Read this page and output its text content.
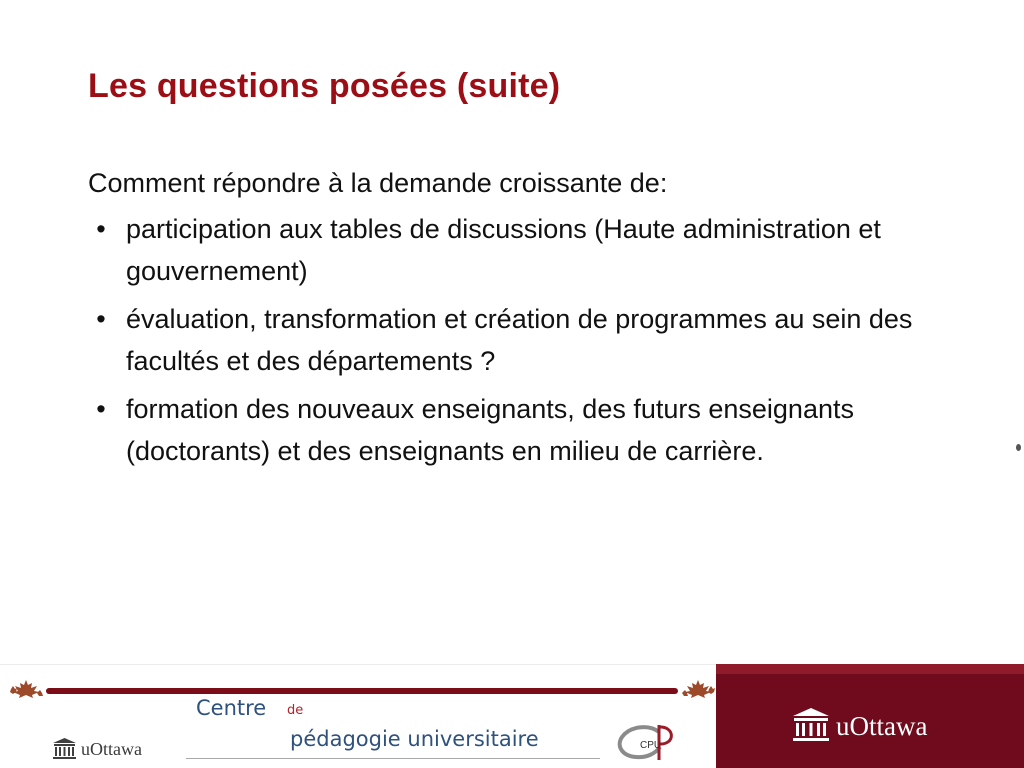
Les questions posées (suite)

Comment répondre à la demande croissante de:

• participation aux tables de discussions (Haute administration et gouvernement)
• évaluation, transformation et création de programmes au sein des facultés et des départements ?
• formation des nouveaux enseignants, des futurs enseignants (doctorants) et des enseignants en milieu de carrière.
uOttawa
Centre de
pédagogie universitaire	CPU
uOttawa
